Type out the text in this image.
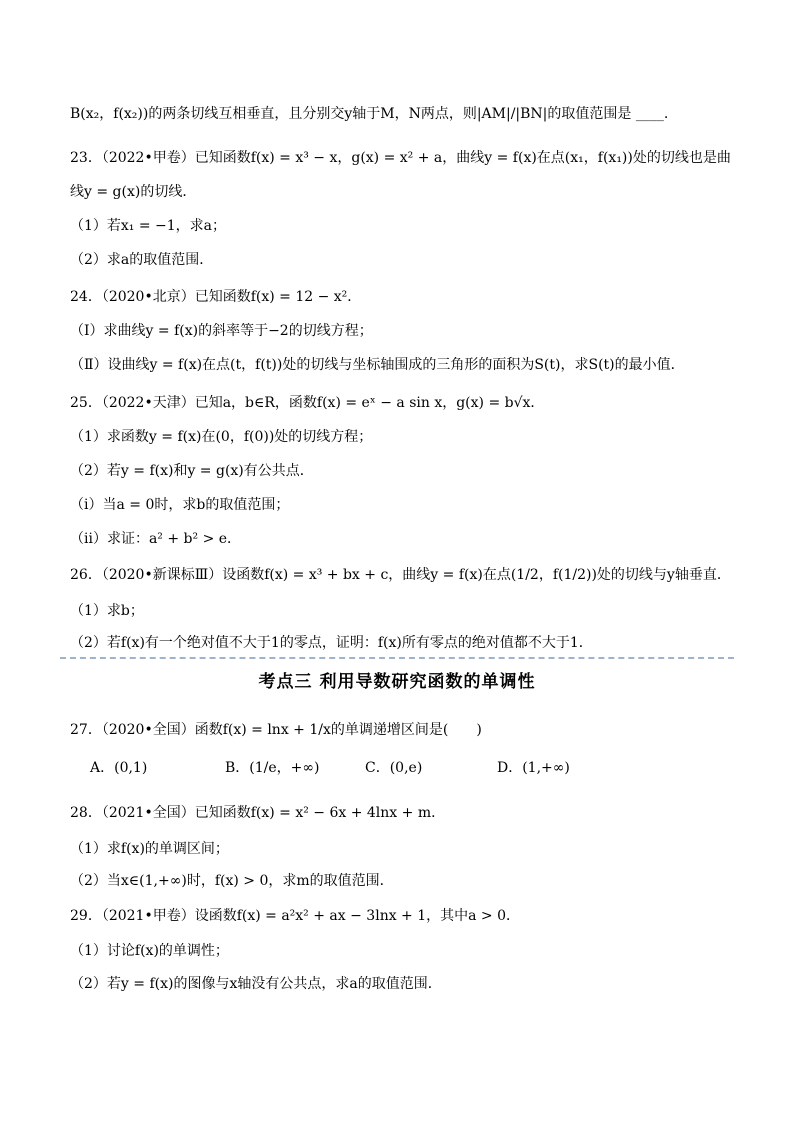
B(x₂，f(x₂))的两条切线互相垂直，且分别交y轴于M，N两点，则|AM|/|BN|的取值范围是 ____.
23．（2022•甲卷）已知函数f(x) = x³ − x，g(x) = x² + a，曲线y = f(x)在点(x₁，f(x₁))处的切线也是曲
线y = g(x)的切线．
（1）若x₁ = −1，求a；
（2）求a的取值范围．
24．（2020•北京）已知函数f(x) = 12 − x²．
（Ⅰ）求曲线y = f(x)的斜率等于−2的切线方程；
（Ⅱ）设曲线y = f(x)在点(t，f(t))处的切线与坐标轴围成的三角形的面积为S(t)，求S(t)的最小值．
25．（2022•天津）已知a，b∈R，函数f(x) = eˣ − a sin x，g(x) = b√x．
（1）求函数y = f(x)在(0，f(0))处的切线方程；
（2）若y = f(x)和y = g(x)有公共点．
（ⅰ）当a = 0时，求b的取值范围；
（ⅱ）求证：a² + b² > e．
26．（2020•新课标Ⅲ）设函数f(x) = x³ + bx + c，曲线y = f(x)在点(1/2，f(1/2))处的切线与y轴垂直．
（1）求b；
（2）若f(x)有一个绝对值不大于1的零点，证明：f(x)所有零点的绝对值都不大于1．
考点三 利用导数研究函数的单调性
27．（2020•全国）函数f(x) = lnx + 1/x的单调递增区间是(　　)
A．(0,1)	B．(1/e，+∞)	C．(0,e)	D．(1,+∞)
28．（2021•全国）已知函数f(x) = x² − 6x + 4lnx + m．
（1）求f(x)的单调区间；
（2）当x∈(1,+∞)时，f(x) > 0，求m的取值范围．
29．（2021•甲卷）设函数f(x) = a²x² + ax − 3lnx + 1，其中a > 0．
（1）讨论f(x)的单调性；
（2）若y = f(x)的图像与x轴没有公共点，求a的取值范围．
